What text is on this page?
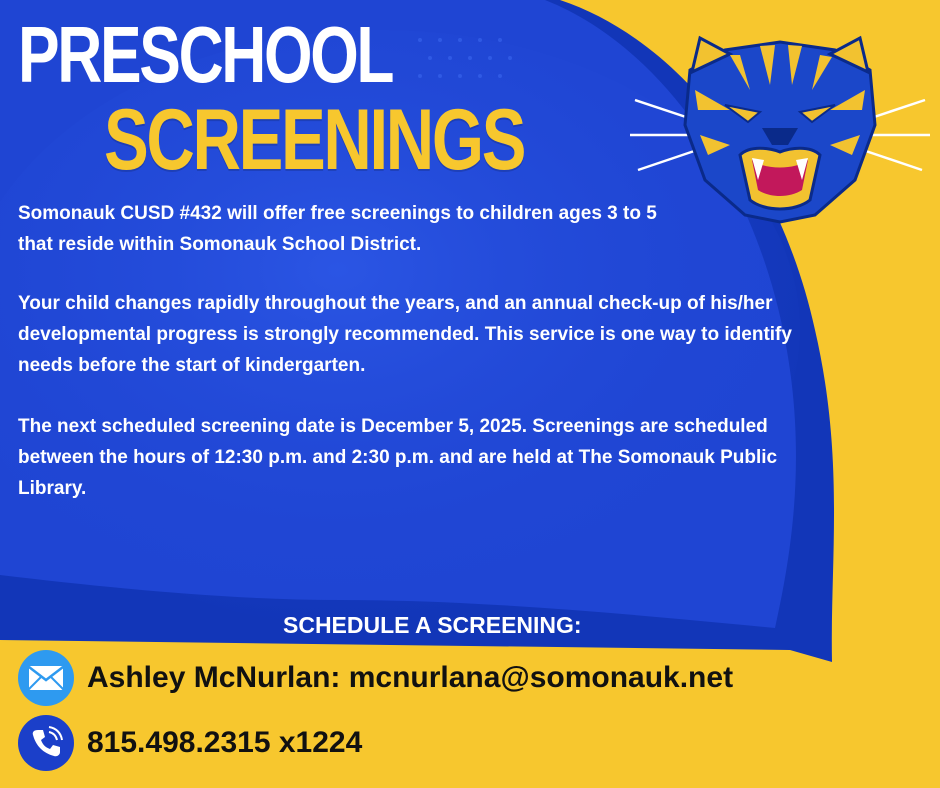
PRESCHOOL
SCREENINGS

Somonauk CUSD #432 will offer free screenings to children ages 3 to 5 that reside within Somonauk School District.

Your child changes rapidly throughout the years, and an annual check-up of his/her developmental progress is strongly recommended. This service is one way to identify needs before the start of kindergarten.

The next scheduled screening date is December 5, 2025. Screenings are scheduled between the hours of 12:30 p.m. and 2:30 p.m. and are held at The Somonauk Public Library.

SCHEDULE A SCREENING:

Ashley McNurlan: mcnurlana@somonauk.net
815.498.2315 x1224
